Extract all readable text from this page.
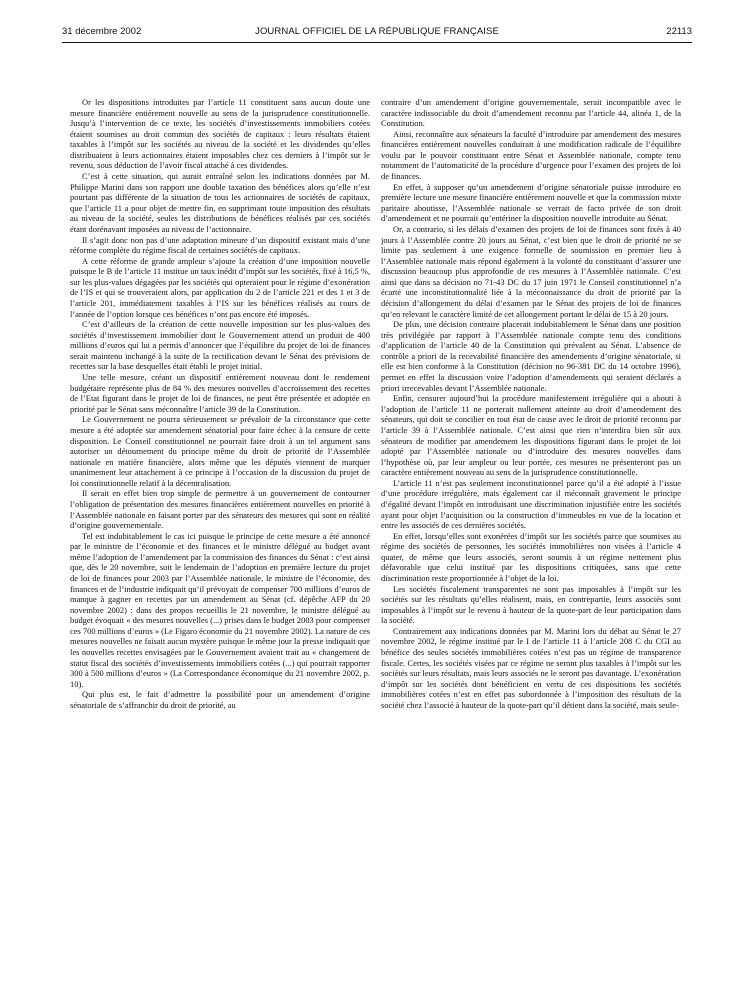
31 décembre 2002	JOURNAL OFFICIEL DE LA RÉPUBLIQUE FRANÇAISE	22113

Or les dispositions introduites par l’article 11 constituent sans aucun doute une mesure financière entièrement nouvelle au sens de la jurisprudence constitutionnelle. Jusqu’à l’intervention de ce texte, les sociétés d’investissements immobiliers cotées étaient soumises au droit commun des sociétés de capitaux : leurs résultats étaient taxables à l’impôt sur les sociétés au niveau de la société et les dividendes qu’elles distribuaient à leurs actionnaires étaient imposables chez ces derniers à l’impôt sur le revenu, sous déduction de l’avoir fiscal attaché à ces dividendes.

C’est à cette situation, qui aurait entraîné selon les indications données par M. Philippe Marini dans son rapport une double taxation des bénéfices alors qu’elle n’est pourtant pas différente de la situation de tous les actionnaires de sociétés de capitaux, que l’article 11 a pour objet de mettre fin, en supprimant toute imposition des résultats au niveau de la société, seules les distributions de bénéfices réalisés par ces sociétés étant dorénavant imposées au niveau de l’actionnaire.

Il s’agit donc non pas d’une adaptation mineure d’un dispositif existant mais d’une réforme complète du régime fiscal de certaines sociétés de capitaux.

A cette réforme de grande ampleur s’ajoute la création d’une imposition nouvelle puisque le B de l’article 11 institue un taux inédit d’impôt sur les sociétés, fixé à 16,5 %, sur les plus-values dégagées par les sociétés qui opteraient pour le régime d’exonération de l’IS et qui se trouveraient alors, par application du 2 de l’article 221 et des 1 et 3 de l’article 201, immédiatement taxables à l’IS sur les bénéfices réalisés au cours de l’année de l’option lorsque ces bénéfices n’ont pas encore été imposés.

C’est d’ailleurs de la création de cette nouvelle imposition sur les plus-values des sociétés d’investissement immobilier dont le Gouvernement attend un produit de 400 millions d’euros qui lui a permis d’annoncer que l’équilibre du projet de loi de finances serait maintenu inchangé à la suite de la rectification devant le Sénat des prévisions de recettes sur la base desquelles était établi le projet initial.

Une telle mesure, créant un dispositif entièrement nouveau dont le rendement budgétaire représente plus de 84 % des mesures nouvelles d’accroissement des recettes de l’Etat figurant dans le projet de loi de finances, ne peut être présentée et adoptée en priorité par le Sénat sans méconnaître l’article 39 de la Constitution.

Le Gouvernement ne pourra sérieusement se prévaloir de la circonstance que cette mesure a été adoptée sur amendement sénatorial pour faire échec à la censure de cette disposition. Le Conseil constitutionnel ne pourrait faire droit à un tel argument sans autoriser un détournement du principe même du droit de priorité de l’Assemblée nationale en matière financière, alors même que les députés viennent de marquer unanimement leur attachement à ce principe à l’occasion de la discussion du projet de loi constitutionnelle relatif à la décentralisation.

Il serait en effet bien trop simple de permettre à un gouvernement de contourner l’obligation de présentation des mesures financières entièrement nouvelles en priorité à l’Assemblée nationale en faisant porter par des sénateurs des mesures qui sont en réalité d’origine gouvernementale.

Tel est indubitablement le cas ici puisque le principe de cette mesure a été annoncé par le ministre de l’économie et des finances et le ministre délégué au budget avant même l’adoption de l’amendement par la commission des finances du Sénat : c’est ainsi que, dès le 20 novembre, soit le lendemain de l’adoption en première lecture du projet de loi de finances pour 2003 par l’Assemblée nationale, le ministre de l’économie, des finances et de l’industrie indiquait qu’il prévoyait de compenser 700 millions d’euros de manque à gagner en recettes par un amendement au Sénat (cf. dépêche AFP du 20 novembre 2002) : dans des propos recueillis le 21 novembre, le ministre délégué au budget évoquait « des mesures nouvelles (...) prises dans le budget 2003 pour compenser ces 700 millions d’euros » (Le Figaro économie du 21 novembre 2002). La nature de ces mesures nouvelles ne faisait aucun mystère puisque le même jour la presse indiquait que les nouvelles recettes envisagées par le Gouvernement avaient trait au « changement de statut fiscal des sociétés d’investissements immobiliers cotées (...) qui pourrait rapporter 300 à 500 millions d’euros » (La Correspondance économique du 21 novembre 2002, p. 10).

Qui plus est, le fait d’admettre la possibilité pour un amendement d’origine sénatoriale de s’affranchir du droit de priorité, au

contraire d’un amendement d’origine gouvernementale, serait incompatible avec le caractère indissociable du droit d’amendement reconnu par l’article 44, alinéa 1, de la Constitution.

Ainsi, reconnaître aux sénateurs la faculté d’introduire par amendement des mesures financières entièrement nouvelles conduirait à une modification radicale de l’équilibre voulu par le pouvoir constituant entre Sénat et Assemblée nationale, compte tenu notamment de l’automaticité de la procédure d’urgence pour l’examen des projets de loi de finances.

En effet, à supposer qu’un amendement d’origine sénatoriale puisse introduire en première lecture une mesure financière entièrement nouvelle et que la commission mixte paritaire aboutisse, l’Assemblée nationale se verrait de facto privée de son droit d’amendement et ne pourrait qu’entériner la disposition nouvelle introduite au Sénat.

Or, a contrario, si les délais d’examen des projets de loi de finances sont fixés à 40 jours à l’Assemblée contre 20 jours au Sénat, c’est bien que le droit de priorité ne se limite pas seulement à une exigence formelle de soumission en premier lieu à l’Assemblée nationale mais répond également à la volonté du constituant d’assurer une discussion beaucoup plus approfondie de ces mesures à l’Assemblée nationale. C’est ainsi que dans sa décision no 71-43 DC du 17 juin 1971 le Conseil constitutionnel n’a écarté une inconstitutionnalité liée à la méconnaissance du droit de priorité par la décision d’allongement du délai d’examen par le Sénat des projets de loi de finances qu’en relevant le caractère limité de cet allongement portant le délai de 15 à 20 jours.

De plus, une décision contraire placerait indubitablement le Sénat dans une position très privilégiée par rapport à l’Assemblée nationale compte tenu des conditions d’application de l’article 40 de la Constitution qui prévalent au Sénat. L’absence de contrôle a priori de la recevabilité financière des amendements d’origine sénatoriale, si elle est bien conforme à la Constitution (décision no 96-381 DC du 14 octobre 1996), permet en effet la discussion voire l’adoption d’amendements qui seraient déclarés a priori irrecevables devant l’Assemblée nationale.

Enfin, censurer aujourd’hui la procédure manifestement irrégulière qui a abouti à l’adoption de l’article 11 ne porterait nullement atteinte au droit d’amendement des sénateurs, qui doit se concilier en tout état de cause avec le droit de priorité reconnu par l’article 39 à l’Assemblée nationale. C’est ainsi que rien n’interdira bien sûr aux sénateurs de modifier par amendement les dispositions figurant dans le projet de loi adopté par l’Assemblée nationale ou d’introduire des mesures nouvelles dans l’hypothèse où, par leur ampleur ou leur portée, ces mesures ne présenteront pas un caractère entièrement nouveau au sens de la jurisprudence constitutionnelle.

L’article 11 n’est pas seulement inconstitutionnel parce qu’il a été adopté à l’issue d’une procédure irrégulière, mais également car il méconnaît gravement le principe d’égalité devant l’impôt en introduisant une discrimination injustifiée entre les sociétés ayant pour objet l’acquisition ou la construction d’immeubles en vue de la location et entre les associés de ces dernières sociétés.

En effet, lorsqu’elles sont exonérées d’impôt sur les sociétés parce que soumises au régime des sociétés de personnes, les sociétés immobilières non visées à l’article 4 quater, de même que leurs associés, seront soumis à un régime nettement plus défavorable que celui institué par les dispositions critiquées, sans que cette discrimination reste proportionnée à l’objet de la loi.

Les sociétés fiscalement transparentes ne sont pas imposables à l’impôt sur les sociétés sur les résultats qu’elles réalisent, mais, en contrepartie, leurs associés sont imposables à l’impôt sur le revenu à hauteur de la quote-part de leur participation dans la société.

Contrairement aux indications données par M. Marini lors du débat au Sénat le 27 novembre 2002, le régime institué par le I de l’article 11 à l’article 208 C du CGI au bénéfice des seules sociétés immobilières cotées n’est pas un régime de transparence fiscale. Certes, les sociétés visées par ce régime ne seront plus taxables à l’impôt sur les sociétés sur leurs résultats, mais leurs associés ne le seront pas davantage. L’exonération d’impôt sur les sociétés dont bénéficient en vertu de ces dispositions les sociétés immobilières cotées n’est en effet pas subordonnée à l’imposition des résultats de la société chez l’associé à hauteur de la quote-part qu’il détient dans la société, mais seule-
